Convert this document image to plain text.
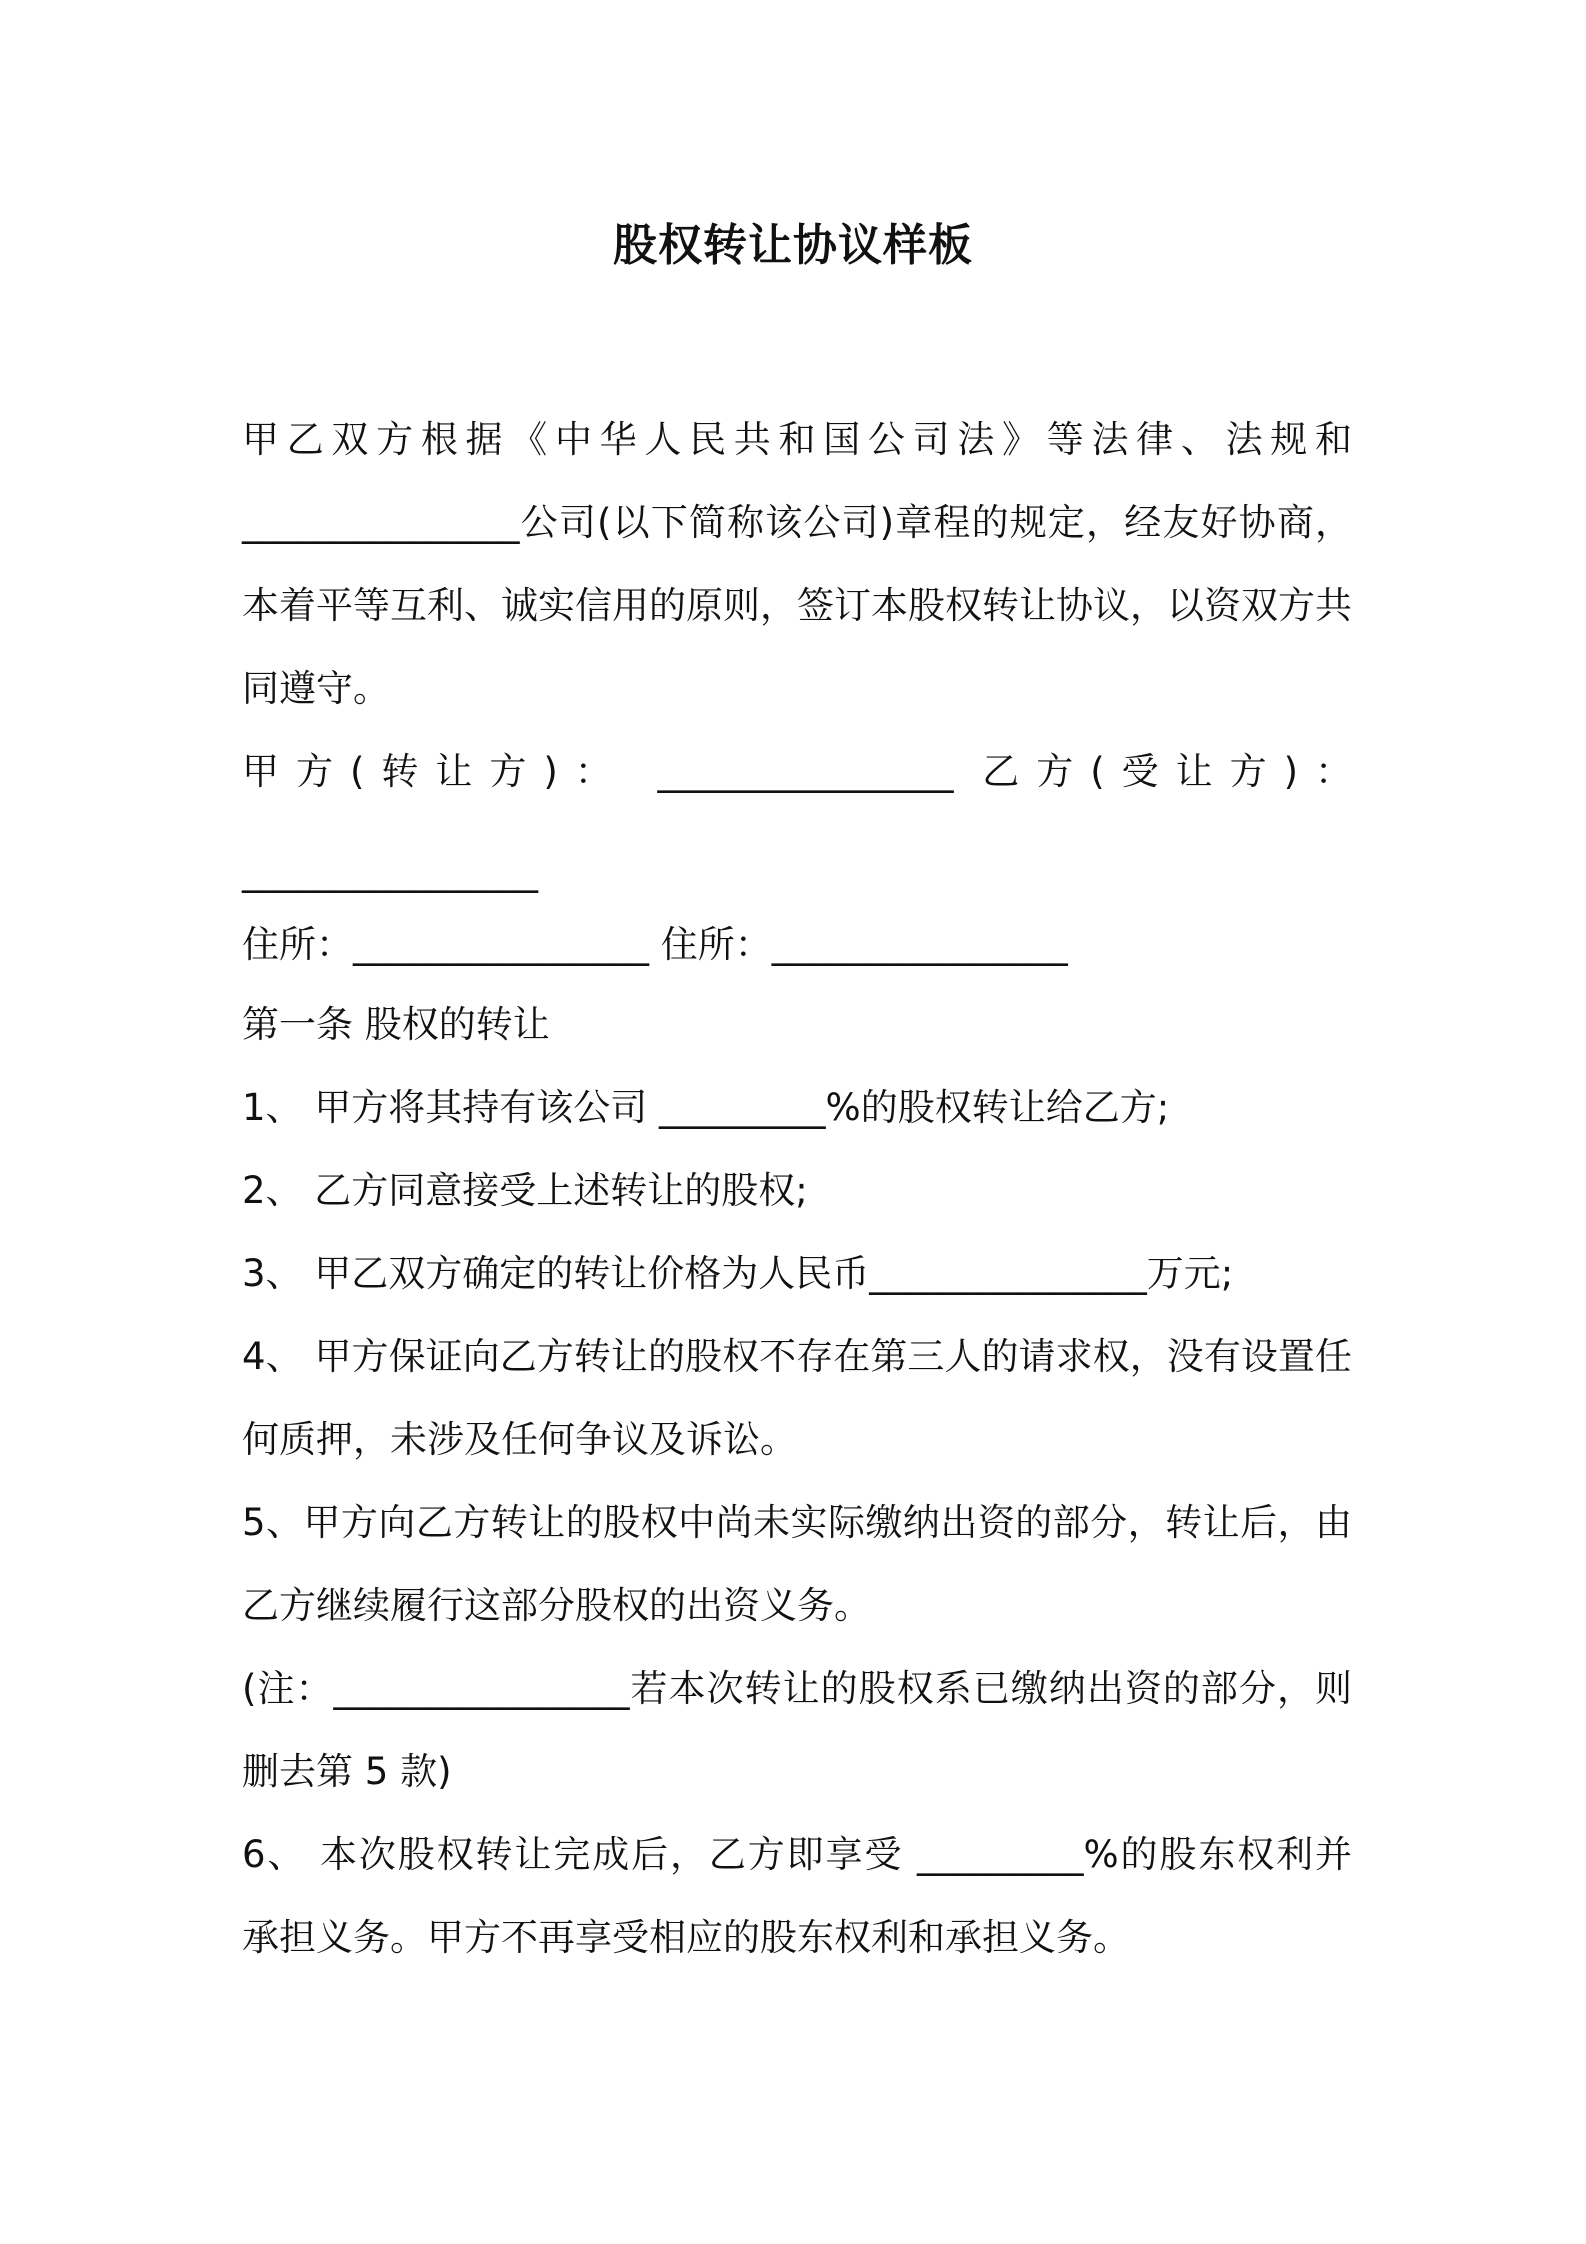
股权转让协议样板
甲乙双方根据《中华人民共和国公司法》等法律、法规和
_______________公司(以下简称该公司)章程的规定，经友好协商，
本着平等互利、诚实信用的原则，签订本股权转让协议，以资双方共
同遵守。
甲方(转让方)： ________________ 乙方(受让方)：
________________
住所：________________ 住所：________________
第一条 股权的转让
1、 甲方将其持有该公司 _________%的股权转让给乙方;
2、 乙方同意接受上述转让的股权;
3、 甲乙双方确定的转让价格为人民币_______________万元;
4、 甲方保证向乙方转让的股权不存在第三人的请求权，没有设置任
何质押，未涉及任何争议及诉讼。
5、甲方向乙方转让的股权中尚未实际缴纳出资的部分，转让后，由
乙方继续履行这部分股权的出资义务。
(注：________________若本次转让的股权系已缴纳出资的部分，则
删去第 5 款)
6、 本次股权转让完成后，乙方即享受 _________%的股东权利并
承担义务。甲方不再享受相应的股东权利和承担义务。
